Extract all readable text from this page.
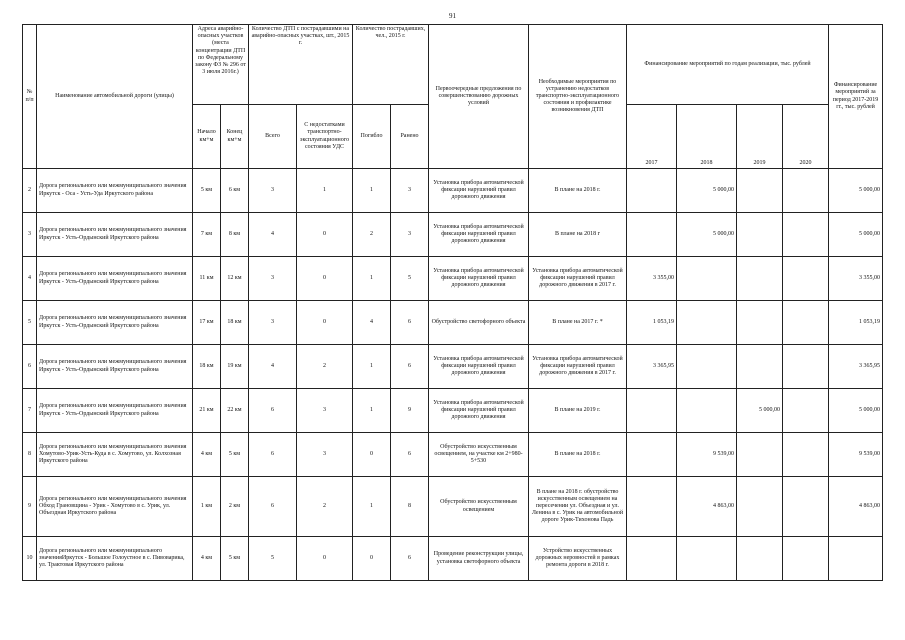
91
№ п/п	Наименование автомобильной дороги (улицы)	Адреса аварийно-опасных участков (места концентрации ДТП по Федеральному закону ФЗ № 296 от 3 июля 2016г.)		Количество ДТП с пострадавшими на аварийно-опасных участках, шт., 2015 г.		Количество пострадавших, чел., 2015 г.		Первоочередные предложения по совершенствованию дорожных условий	Необходимые мероприятия по устранению недостатков транспортно-эксплуатационного состояния и профилактике возникновения ДТП	Финансирование мероприятий по годам реализации, тыс. рублей				Финансирование мероприятий за период 2017-2019 гг., тыс. рублей
		Начало км+м	Конец км+м	Всего	С недостатками транспортно-эксплуатационного состояния УДС	Погибло	Ранено			2017	2018	2019	2020	

2	Дорога регионального или межмуниципального значения Иркутск - Оса - Усть-Уда Иркутского района	5 км	6 км	3	1	1	3	Установка прибора автоматической фиксации нарушений правил дорожного движения	В плане на 2018 г.		5 000,00			5 000,00
3	Дорога регионального или межмуниципального значения Иркутск - Усть-Ордынский Иркутского района	7 км	8 км	4	0	2	3	Установка прибора автоматической фиксации нарушений правил дорожного движения	В плане на 2018 г		5 000,00			5 000,00
4	Дорога регионального или межмуниципального значения Иркутск - Усть-Ордынский Иркутского района	11 км	12 км	3	0	1	5	Установка прибора автоматической фиксации нарушений правил дорожного движения	Установка прибора автоматической фиксации нарушений правил дорожного движения в 2017 г.	3 355,00				3 355,00
5	Дорога регионального или межмуниципального значения Иркутск - Усть-Ордынский Иркутского района	17 км	18 км	3	0	4	6	Обустройство светофорного объекта	В плане на 2017 г. *	1 053,19				1 053,19
6	Дорога регионального или межмуниципального значения Иркутск - Усть-Ордынский Иркутского района	18 км	19 км	4	2	1	6	Установка прибора автоматической фиксации нарушений правил дорожного движения	Установка прибора автоматической фиксации нарушений правил дорожного движения в 2017 г.	3 365,95				3 365,95
7	Дорога регионального или межмуниципального значения Иркутск - Усть-Ордынский Иркутского района	21 км	22 км	6	3	1	9	Установка прибора автоматической фиксации нарушений правил дорожного движения	В плане на 2019 г.			5 000,00		5 000,00
8	Дорога регионального или межмуниципального значения Хомутово-Урик-Усть-Куда в с. Хомутово, ул. Колхозная Иркутского района	4 км	5 км	6	3	0	6	Обустройство искусственным освещением, на участке км 2+980-5+530	В плане на 2018 г.		9 539,00			9 539,00
9	Дорога регионального или межмуниципального значения Обход Грановщина - Урик - Хомутово в с. Урик, ул. Объездная Иркутского района	1 км	2 км	6	2	1	8	Обустройство искусственным освещением	В плане на 2018 г. обустройство искусственным освещением на пересечении ул. Объездная и ул. Ленина в с. Урик на автомобильной дороге Урик-Тихонова Падь		4 863,00			4 863,00
10	Дорога регионального или межмуниципального значенияИркутск - Большое Голоустное в с. Пивоварика, ул. Трактовая Иркутского района	4 км	5 км	5	0	0	6	Проведение реконструкции улицы, установка светофорного объекта	Устройство искусственных дорожных неровностей в рамках ремонта дороги в 2018 г.					
